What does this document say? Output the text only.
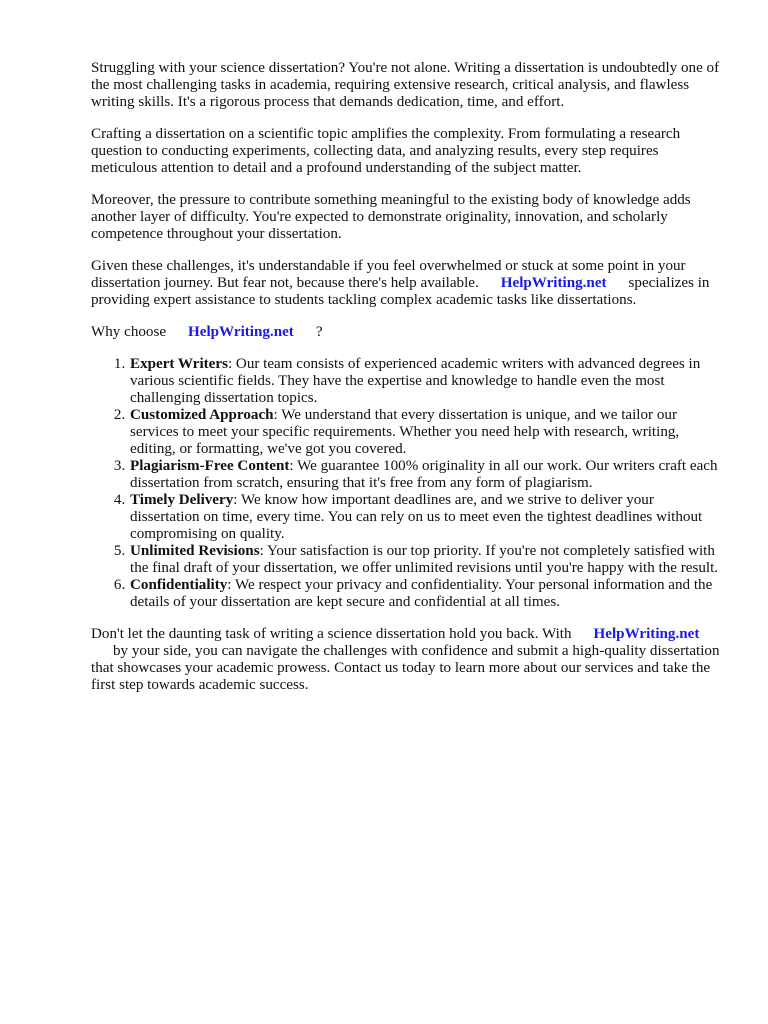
Struggling with your science dissertation? You're not alone. Writing a dissertation is undoubtedly one of the most challenging tasks in academia, requiring extensive research, critical analysis, and flawless writing skills. It's a rigorous process that demands dedication, time, and effort.

Crafting a dissertation on a scientific topic amplifies the complexity. From formulating a research question to conducting experiments, collecting data, and analyzing results, every step requires meticulous attention to detail and a profound understanding of the subject matter.

Moreover, the pressure to contribute something meaningful to the existing body of knowledge adds another layer of difficulty. You're expected to demonstrate originality, innovation, and scholarly competence throughout your dissertation.

Given these challenges, it's understandable if you feel overwhelmed or stuck at some point in your dissertation journey. But fear not, because there's help available. HelpWriting.net specializes in providing expert assistance to students tackling complex academic tasks like dissertations.

Why choose HelpWriting.net ?

1. Expert Writers: Our team consists of experienced academic writers with advanced degrees in various scientific fields. They have the expertise and knowledge to handle even the most challenging dissertation topics.
2. Customized Approach: We understand that every dissertation is unique, and we tailor our services to meet your specific requirements. Whether you need help with research, writing, editing, or formatting, we've got you covered.
3. Plagiarism-Free Content: We guarantee 100% originality in all our work. Our writers craft each dissertation from scratch, ensuring that it's free from any form of plagiarism.
4. Timely Delivery: We know how important deadlines are, and we strive to deliver your dissertation on time, every time. You can rely on us to meet even the tightest deadlines without compromising on quality.
5. Unlimited Revisions: Your satisfaction is our top priority. If you're not completely satisfied with the final draft of your dissertation, we offer unlimited revisions until you're happy with the result.
6. Confidentiality: We respect your privacy and confidentiality. Your personal information and the details of your dissertation are kept secure and confidential at all times.

Don't let the daunting task of writing a science dissertation hold you back. With HelpWriting.net
by your side, you can navigate the challenges with confidence and submit a high-quality dissertation that showcases your academic prowess. Contact us today to learn more about our services and take the first step towards academic success.
